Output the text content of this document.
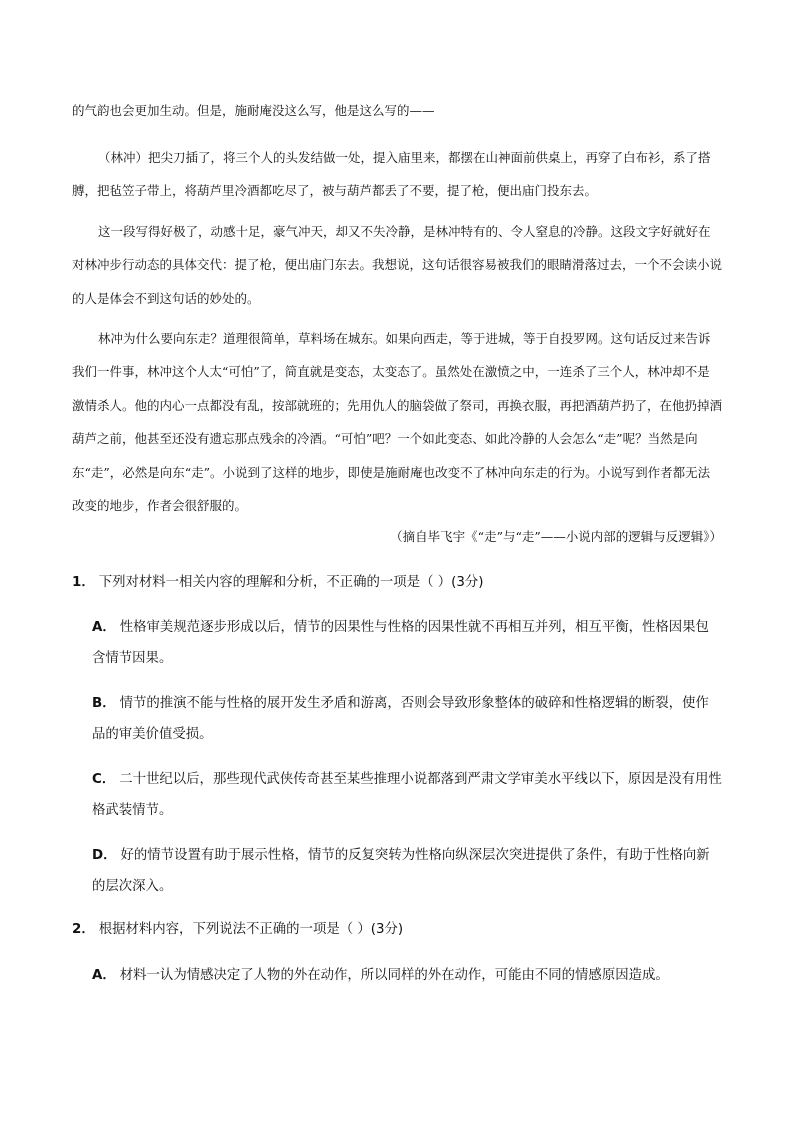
的气韵也会更加生动。但是，施耐庵没这么写，他是这么写的——
（林冲）把尖刀插了，将三个人的头发结做一处，提入庙里来，都摆在山神面前供桌上，再穿了白布衫，系了搭膊，把毡笠子带上，将葫芦里冷酒都吃尽了，被与葫芦都丢了不要，提了枪，便出庙门投东去。
这一段写得好极了，动感十足，豪气冲天，却又不失冷静，是林冲特有的、令人窒息的冷静。这段文字好就好在对林冲步行动态的具体交代：提了枪，便出庙门东去。我想说，这句话很容易被我们的眼睛滑落过去，一个不会读小说的人是体会不到这句话的妙处的。
林冲为什么要向东走？道理很简单，草料场在城东。如果向西走，等于进城，等于自投罗网。这句话反过来告诉我们一件事，林冲这个人太“可怕”了，简直就是变态，太变态了。虽然处在激愤之中，一连杀了三个人，林冲却不是激情杀人。他的内心一点都没有乱，按部就班的；先用仇人的脑袋做了祭司，再换衣服，再把酒葫芦扔了，在他扔掉酒葫芦之前，他甚至还没有遗忘那点残余的冷酒。“可怕”吧？一个如此变态、如此冷静的人会怎么“走”呢？当然是向东“走”，必然是向东“走”。小说到了这样的地步，即使是施耐庵也改变不了林冲向东走的行为。小说写到作者都无法改变的地步，作者会很舒服的。
（摘自毕飞宇《“走”与“走”——小说内部的逻辑与反逻辑》）
1． 下列对材料一相关内容的理解和分析，不正确的一项是（ ）(3分)
A． 性格审美规范逐步形成以后，情节的因果性与性格的因果性就不再相互并列，相互平衡，性格因果包含情节因果。
B． 情节的推演不能与性格的展开发生矛盾和游离，否则会导致形象整体的破碎和性格逻辑的断裂，使作品的审美价值受损。
C． 二十世纪以后，那些现代武侠传奇甚至某些推理小说都落到严肃文学审美水平线以下，原因是没有用性格武装情节。
D． 好的情节设置有助于展示性格，情节的反复突转为性格向纵深层次突进提供了条件，有助于性格向新的层次深入。
2． 根据材料内容，下列说法不正确的一项是（ ）(3分)
A． 材料一认为情感决定了人物的外在动作，所以同样的外在动作，可能由不同的情感原因造成。
